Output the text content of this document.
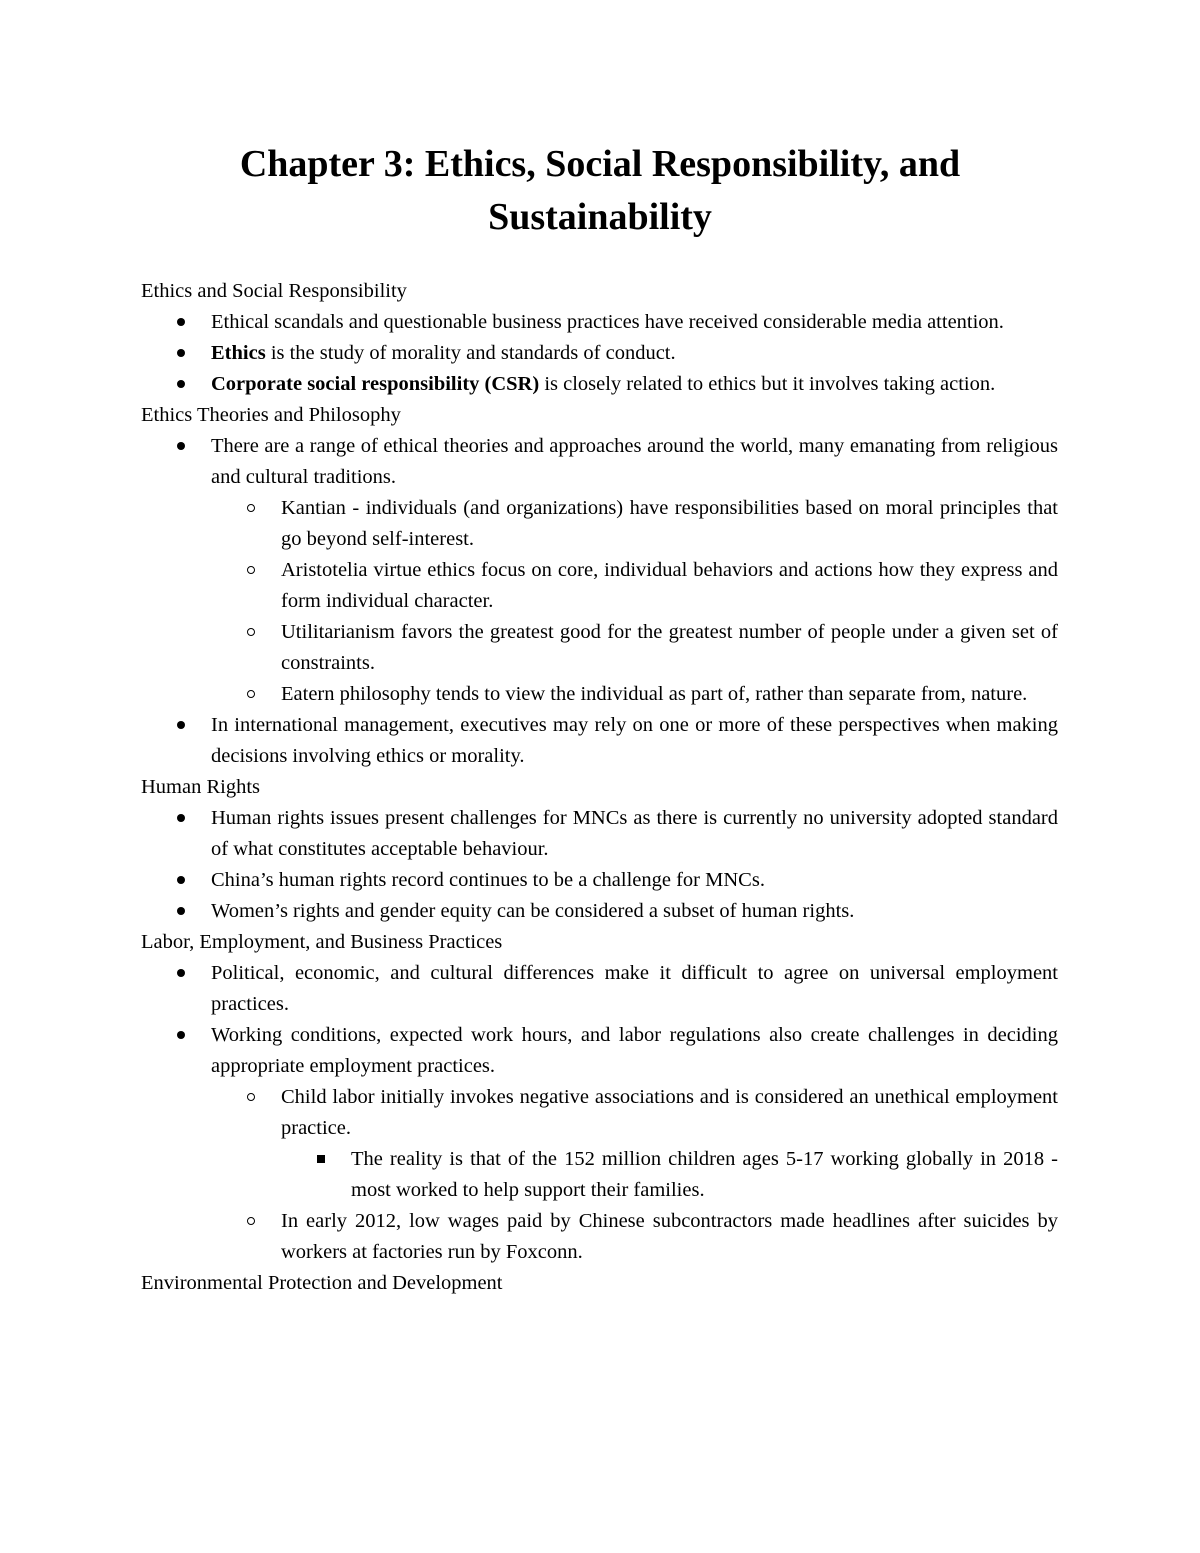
Chapter 3: Ethics, Social Responsibility, and
Sustainability

Ethics and Social Responsibility

Ethical scandals and questionable business practices have received considerable media attention.
Ethics is the study of morality and standards of conduct.
Corporate social responsibility (CSR) is closely related to ethics but it involves taking action.

Ethics Theories and Philosophy

There are a range of ethical theories and approaches around the world, many emanating from religious and cultural traditions.
Kantian - individuals (and organizations) have responsibilities based on moral principles that go beyond self-interest.
Aristotelia virtue ethics focus on core, individual behaviors and actions how they express and form individual character.
Utilitarianism favors the greatest good for the greatest number of people under a given set of constraints.
Eatern philosophy tends to view the individual as part of, rather than separate from, nature.
In international management, executives may rely on one or more of these perspectives when making decisions involving ethics or morality.

Human Rights

Human rights issues present challenges for MNCs as there is currently no university adopted standard of what constitutes acceptable behaviour.
China’s human rights record continues to be a challenge for MNCs.
Women’s rights and gender equity can be considered a subset of human rights.

Labor, Employment, and Business Practices

Political, economic, and cultural differences make it difficult to agree on universal employment practices.
Working conditions, expected work hours, and labor regulations also create challenges in deciding appropriate employment practices.
Child labor initially invokes negative associations and is considered an unethical employment practice.
The reality is that of the 152 million children ages 5-17 working globally in 2018 - most worked to help support their families.
In early 2012, low wages paid by Chinese subcontractors made headlines after suicides by workers at factories run by Foxconn.

Environmental Protection and Development
